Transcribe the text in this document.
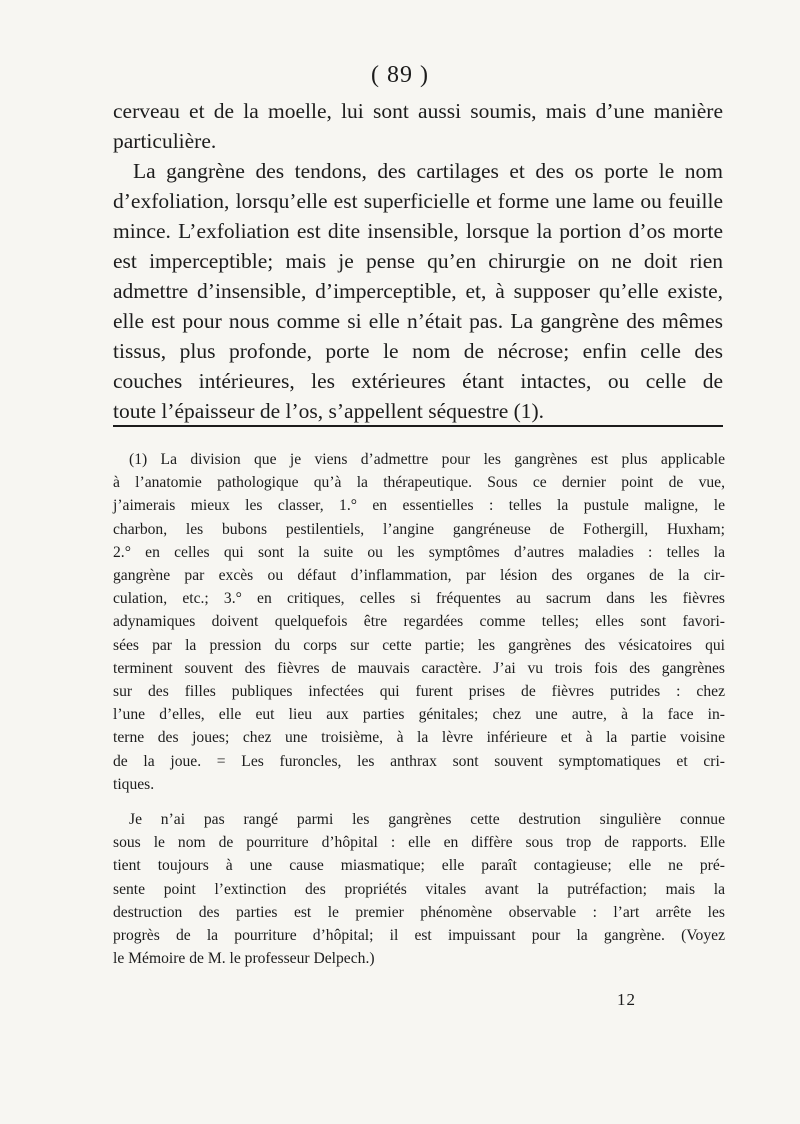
( 89 )
cerveau et de la moelle, lui sont aussi soumis, mais d’une manière
particulière.
La gangrène des tendons, des cartilages et des os porte le nom
d’exfoliation, lorsqu’elle est superficielle et forme une lame ou feuille
mince. L’exfoliation est dite insensible, lorsque la portion d’os morte
est imperceptible; mais je pense qu’en chirurgie on ne doit rien
admettre d’insensible, d’imperceptible, et, à supposer qu’elle existe,
elle est pour nous comme si elle n’était pas. La gangrène des mêmes
tissus, plus profonde, porte le nom de nécrose; enfin celle des
couches intérieures, les extérieures étant intactes, ou celle de
toute l’épaisseur de l’os, s’appellent séquestre (1).
(1) La division que je viens d’admettre pour les gangrènes est plus applicable
à l’anatomie pathologique qu’à la thérapeutique. Sous ce dernier point de vue,
j’aimerais mieux les classer, 1.° en essentielles : telles la pustule maligne, le
charbon, les bubons pestilentiels, l’angine gangréneuse de Fothergill, Huxham;
2.° en celles qui sont la suite ou les symptômes d’autres maladies : telles la
gangrène par excès ou défaut d’inflammation, par lésion des organes de la cir-
culation, etc.; 3.° en critiques, celles si fréquentes au sacrum dans les fièvres
adynamiques doivent quelquefois être regardées comme telles; elles sont favori-
sées par la pression du corps sur cette partie; les gangrènes des vésicatoires qui
terminent souvent des fièvres de mauvais caractère. J’ai vu trois fois des gangrènes
sur des filles publiques infectées qui furent prises de fièvres putrides : chez
l’une d’elles, elle eut lieu aux parties génitales; chez une autre, à la face in-
terne des joues; chez une troisième, à la lèvre inférieure et à la partie voisine
de la joue. = Les furoncles, les anthrax sont souvent symptomatiques et cri-
tiques.
Je n’ai pas rangé parmi les gangrènes cette destrution singulière connue
sous le nom de pourriture d’hôpital : elle en diffère sous trop de rapports. Elle
tient toujours à une cause miasmatique; elle paraît contagieuse; elle ne pré-
sente point l’extinction des propriétés vitales avant la putréfaction; mais la
destruction des parties est le premier phénomène observable : l’art arrête les
progrès de la pourriture d’hôpital; il est impuissant pour la gangrène. (Voyez
le Mémoire de M. le professeur Delpech.)
12
